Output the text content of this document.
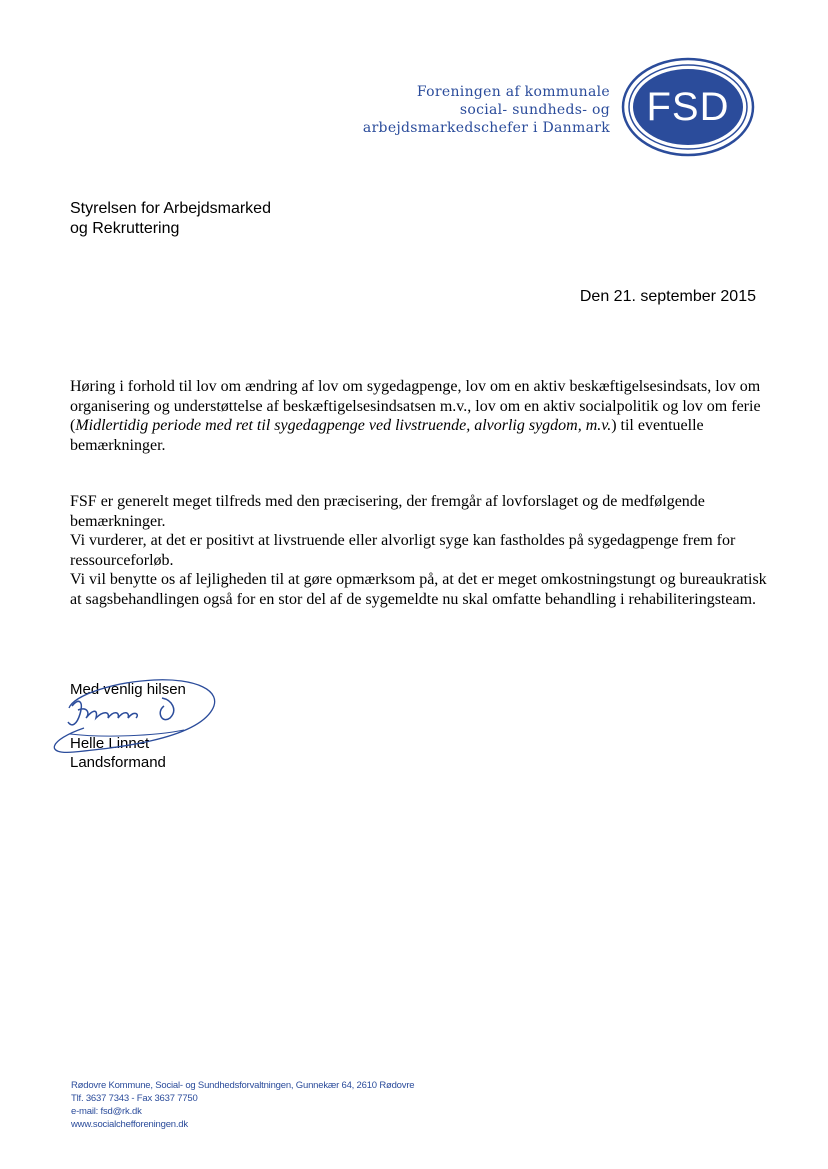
Foreningen af kommunale
social- sundheds- og
arbejdsmarkedschefer i Danmark FSD
Styrelsen for Arbejdsmarked
og Rekruttering
Den 21. september 2015
Høring i forhold til lov om ændring af lov om sygedagpenge, lov om en aktiv beskæftigelsesindsats, lov om organisering og understøttelse af beskæftigelsesindsatsen m.v., lov om en aktiv socialpolitik og lov om ferie (Midlertidig periode med ret til sygedagpenge ved livstruende, alvorlig sygdom, m.v.) til eventuelle bemærkninger.

FSF er generelt meget tilfreds med den præcisering, der fremgår af lovforslaget og de medfølgende bemærkninger.

Vi vurderer, at det er positivt at livstruende eller alvorligt syge kan fastholdes på sygedagpenge frem for ressourceforløb.

Vi vil benytte os af lejligheden til at gøre opmærksom på, at det er meget omkostningstungt og bureaukratisk at sagsbehandlingen også for en stor del af de sygemeldte nu skal omfatte behandling i rehabiliteringsteam.

Med venlig hilsen
Helle Linnet
Landsformand
Rødovre Kommune, Social- og Sundhedsforvaltningen, Gunnekær 64, 2610 Rødovre
Tlf. 3637 7343 - Fax 3637 7750
e-mail: fsd@rk.dk
www.socialchefforeningen.dk
